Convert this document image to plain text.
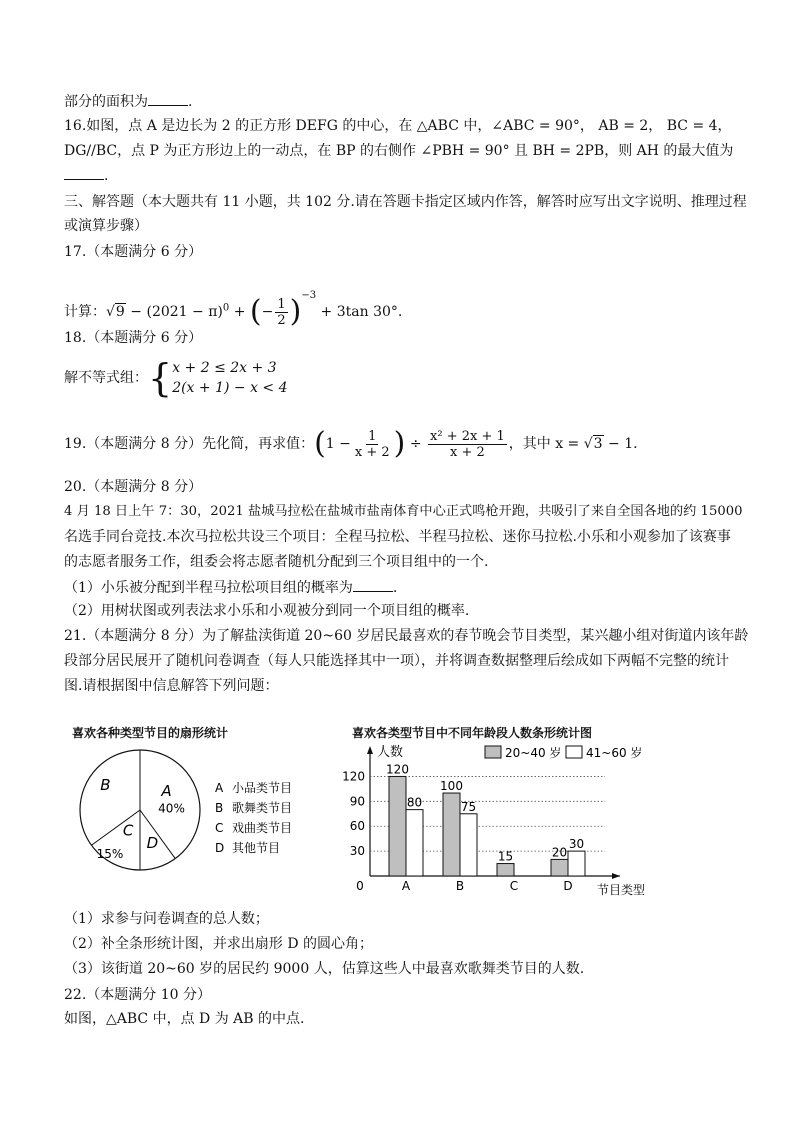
部分的面积为	.
16.如图，点 A 是边长为 2 的正方形 DEFG 的中心，在 △ABC 中，∠ABC = 90°， AB = 2， BC = 4，
DG//BC，点 P 为正方形边上的一动点，在 BP 的右侧作 ∠PBH = 90° 且 BH = 2PB，则 AH 的最大值为
.
三、解答题（本大题共有 11 小题，共 102 分.请在答题卡指定区域内作答，解答时应写出文字说明、推理过程
或演算步骤）
17.（本题满分 6 分）
计算：$√9 - (2021 - \pi)^0$ + (− $\frac{1}{2} )^{-3} + 3\tan$ 30°.
18.（本题满分 6 分）
解不等式组：{ x + 2 ≤ 2x + 3
2(x + 1) − x < 4
19.（本题满分 8 分）先化简，再求值：($1 - \frac{1}{x + 2}$ ) ÷ $\frac{\text{x² + 2x + 1}}{x + 2}$ ，其中 x = √3 − 1.
20.（本题满分 8 分）
4 月 18 日上午 7：30，2021 盐城马拉松在盐城市盐南体育中心正式鸣枪开跑，共吸引了来自全国各地的约 15000
名选手同台竞技.本次马拉松共设三个项目：全程马拉松、半程马拉松、迷你马拉松.小乐和小观参加了该赛事
的志愿者服务工作，组委会将志愿者随机分配到三个项目组中的一个.
（1）小乐被分配到半程马拉松项目组的概率为	.
（2）用树状图或列表法求小乐和小观被分到同一个项目组的概率.
21.（本题满分 8 分）为了解盐渎街道 20~60 岁居民最喜欢的春节晚会节目类型，某兴趣小组对街道内该年龄
段部分居民展开了随机问卷调查（每人只能选择其中一项），并将调查数据整理后绘成如下两幅不完整的统计
图.请根据图中信息解答下列问题：
喜欢各种类型节目的扇形统计
A
40%
B
C
15%
D
A 小品类节目
B 歌舞类节目
C 戏曲类节目
D 其他节目
喜欢各类型节目中不同年龄段人数条形统计图
人数
节目类型
0
30
60
90
120
20~40 岁 41~60 岁
A
120
80
B
100
75
C
15
D
20
30
（1）求参与问卷调查的总人数；
（2）补全条形统计图，并求出扇形 D 的圆心角；
（3）该街道 20~60 岁的居民约 9000 人，估算这些人中最喜欢歌舞类节目的人数.
22.（本题满分 10 分）
如图，△ABC 中，点 D 为 AB 的中点.
